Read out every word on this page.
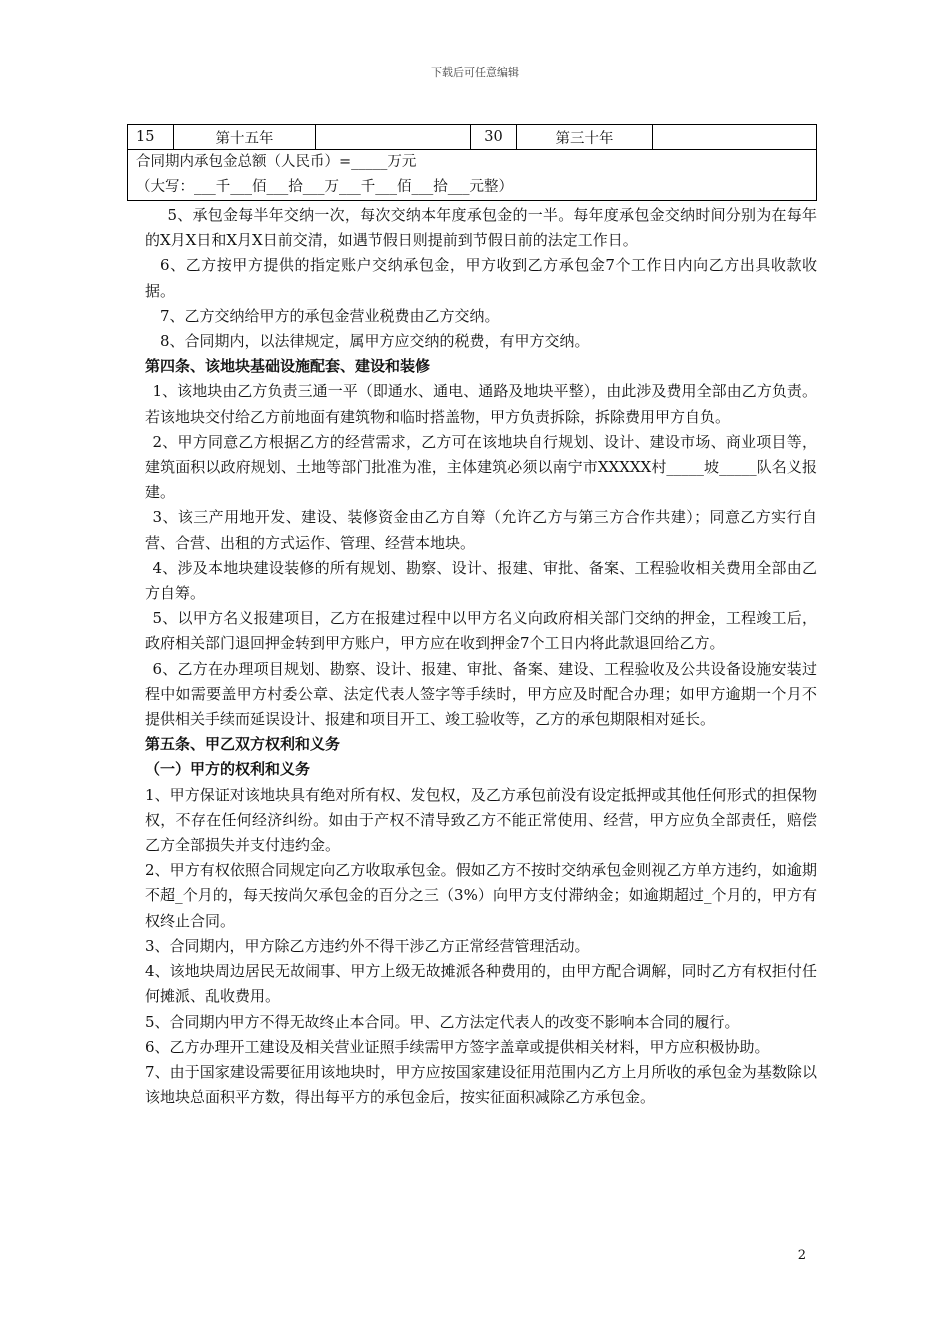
下载后可任意编辑
15	第十五年		30	第三十年	

合同期内承包金总额（人民币）=_____万元
（大写：___千___佰___拾___万___千___佰___拾___元整）

5、承包金每半年交纳一次，每次交纳本年度承包金的一半。每年度承包金交纳时间分别为在每年的X月X日和X月X日前交清，如遇节假日则提前到节假日前的法定工作日。

6、乙方按甲方提供的指定账户交纳承包金，甲方收到乙方承包金7个工作日内向乙方出具收款收据。

7、乙方交纳给甲方的承包金营业税费由乙方交纳。

8、合同期内，以法律规定，属甲方应交纳的税费，有甲方交纳。

第四条、该地块基础设施配套、建设和装修

1、该地块由乙方负责三通一平（即通水、通电、通路及地块平整），由此涉及费用全部由乙方负责。若该地块交付给乙方前地面有建筑物和临时搭盖物，甲方负责拆除，拆除费用甲方自负。

2、甲方同意乙方根据乙方的经营需求，乙方可在该地块自行规划、设计、建设市场、商业项目等，建筑面积以政府规划、土地等部门批准为准，主体建筑必须以南宁市XXXXX村_____坡_____队名义报建。

3、该三产用地开发、建设、装修资金由乙方自筹（允许乙方与第三方合作共建）；同意乙方实行自营、合营、出租的方式运作、管理、经营本地块。

4、涉及本地块建设装修的所有规划、勘察、设计、报建、审批、备案、工程验收相关费用全部由乙方自筹。

5、以甲方名义报建项目，乙方在报建过程中以甲方名义向政府相关部门交纳的押金，工程竣工后，政府相关部门退回押金转到甲方账户，甲方应在收到押金7个工日内将此款退回给乙方。

6、乙方在办理项目规划、勘察、设计、报建、审批、备案、建设、工程验收及公共设备设施安装过程中如需要盖甲方村委公章、法定代表人签字等手续时，甲方应及时配合办理；如甲方逾期一个月不提供相关手续而延误设计、报建和项目开工、竣工验收等，乙方的承包期限相对延长。

第五条、甲乙双方权利和义务

（一）甲方的权利和义务

1、甲方保证对该地块具有绝对所有权、发包权，及乙方承包前没有设定抵押或其他任何形式的担保物权，不存在任何经济纠纷。如由于产权不清导致乙方不能正常使用、经营，甲方应负全部责任，赔偿乙方全部损失并支付违约金。

2、甲方有权依照合同规定向乙方收取承包金。假如乙方不按时交纳承包金则视乙方单方违约，如逾期不超_个月的，每天按尚欠承包金的百分之三（3%）向甲方支付滞纳金；如逾期超过_个月的，甲方有权终止合同。

3、合同期内，甲方除乙方违约外不得干涉乙方正常经营管理活动。

4、该地块周边居民无故闹事、甲方上级无故摊派各种费用的，由甲方配合调解，同时乙方有权拒付任何摊派、乱收费用。

5、合同期内甲方不得无故终止本合同。甲、乙方法定代表人的改变不影响本合同的履行。

6、乙方办理开工建设及相关营业证照手续需甲方签字盖章或提供相关材料，甲方应积极协助。

7、由于国家建设需要征用该地块时，甲方应按国家建设征用范围内乙方上月所收的承包金为基数除以该地块总面积平方数，得出每平方的承包金后，按实征面积减除乙方承包金。

2
